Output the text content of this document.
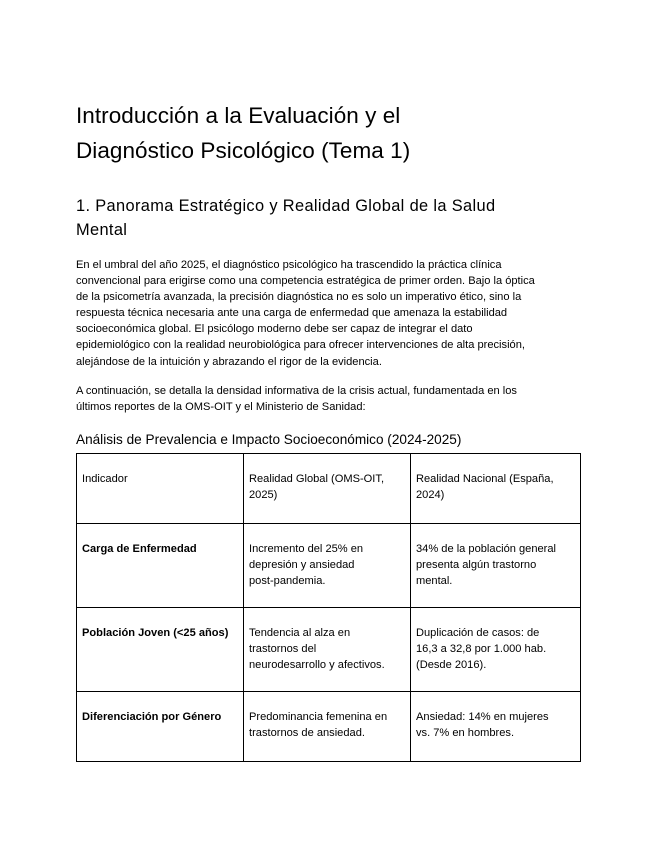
Introducción a la Evaluación y el
Diagnóstico Psicológico (Tema 1)
1. Panorama Estratégico y Realidad Global de la Salud
Mental

En el umbral del año 2025, el diagnóstico psicológico ha trascendido la práctica clínica
convencional para erigirse como una competencia estratégica de primer orden. Bajo la óptica
de la psicometría avanzada, la precisión diagnóstica no es solo un imperativo ético, sino la
respuesta técnica necesaria ante una carga de enfermedad que amenaza la estabilidad
socioeconómica global. El psicólogo moderno debe ser capaz de integrar el dato
epidemiológico con la realidad neurobiológica para ofrecer intervenciones de alta precisión,
alejándose de la intuición y abrazando el rigor de la evidencia.

A continuación, se detalla la densidad informativa de la crisis actual, fundamentada en los
últimos reportes de la OMS-OIT y el Ministerio de Sanidad:

Análisis de Prevalencia e Impacto Socioeconómico (2024-2025)
Indicador	Realidad Global (OMS-OIT,
2025)	Realidad Nacional (España,
2024)
Carga de Enfermedad	Incremento del 25% en
depresión y ansiedad
post-pandemia.	34% de la población general
presenta algún trastorno
mental.
Población Joven (<25 años)	Tendencia al alza en
trastornos del
neurodesarrollo y afectivos.	Duplicación de casos: de
16,3 a 32,8 por 1.000 hab.
(Desde 2016).
Diferenciación por Género	Predominancia femenina en
trastornos de ansiedad.	Ansiedad: 14% en mujeres
vs. 7% en hombres.
